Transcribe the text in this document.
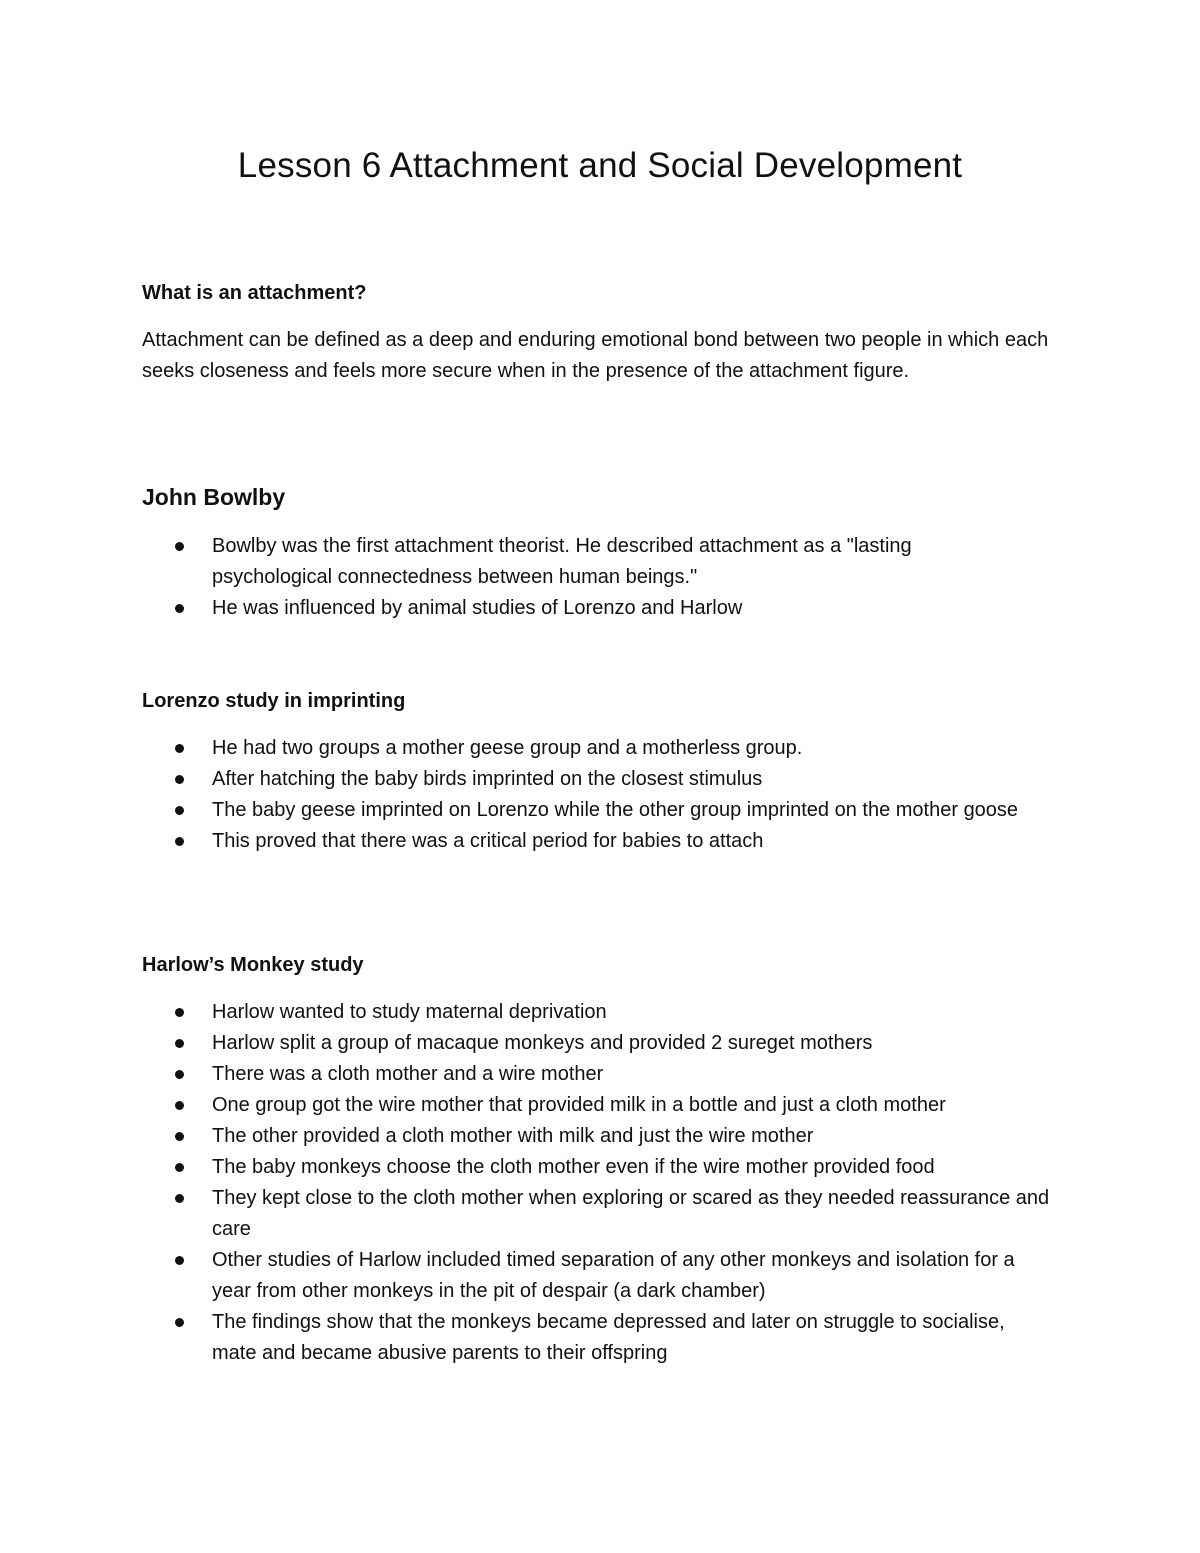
Lesson 6 Attachment and Social Development
What is an attachment?

Attachment can be defined as a deep and enduring emotional bond between two people in which each seeks closeness and feels more secure when in the presence of the attachment figure.

John Bowlby
Bowlby was the first attachment theorist. He described attachment as a "lasting psychological connectedness between human beings."
He was influenced by animal studies of Lorenzo and Harlow
Lorenzo study in imprinting
He had two groups a mother geese group and a motherless group.
After hatching the baby birds imprinted on the closest stimulus
The baby geese imprinted on Lorenzo while the other group imprinted on the mother goose
This proved that there was a critical period for babies to attach
Harlow’s Monkey study
Harlow wanted to study maternal deprivation
Harlow split a group of macaque monkeys and provided 2 sureget mothers
There was a cloth mother and a wire mother
One group got the wire mother that provided milk in a bottle and just a cloth mother
The other provided a cloth mother with milk and just the wire mother
The baby monkeys choose the cloth mother even if the wire mother provided food
They kept close to the cloth mother when exploring or scared as they needed reassurance and care
Other studies of Harlow included timed separation of any other monkeys and isolation for a year from other monkeys in the pit of despair (a dark chamber)
The findings show that the monkeys became depressed and later on struggle to socialise, mate and became abusive parents to their offspring
